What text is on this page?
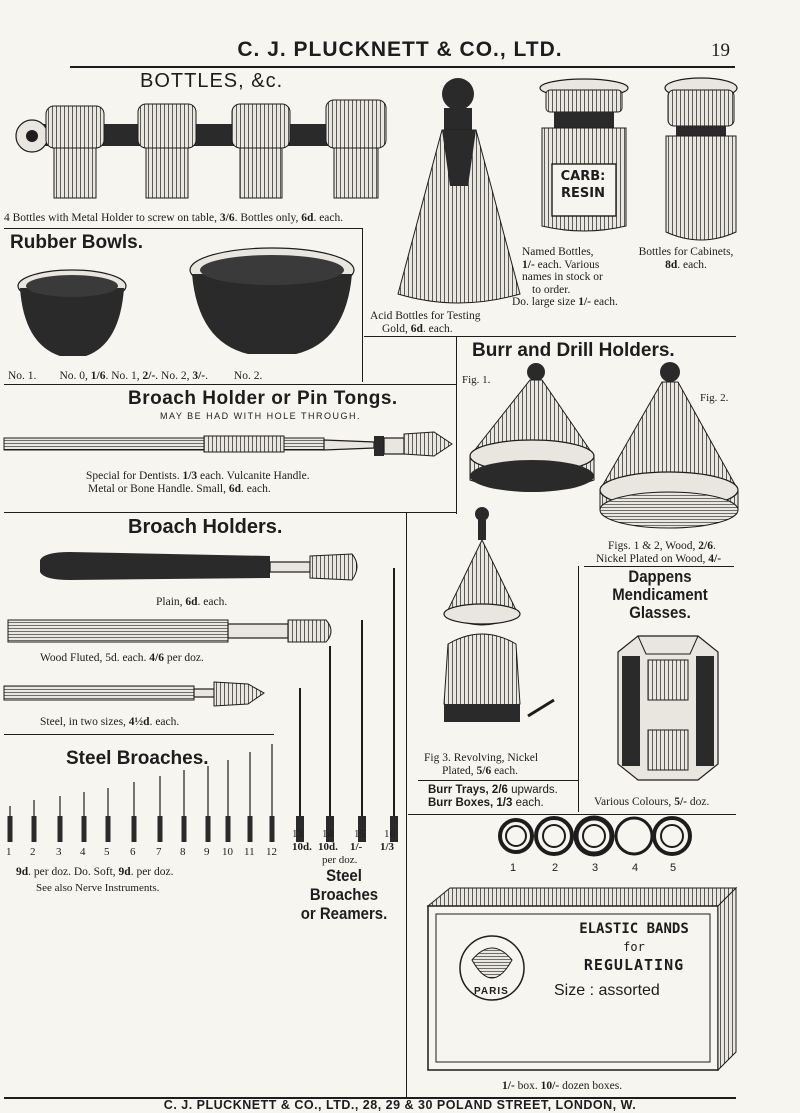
C. J. PLUCKNETT & CO., LTD.	19
BOTTLES, &c.
4 Bottles with Metal Holder to screw on table, 3/6. Bottles only, 6d. each.
Rubber Bowls.
No. 1. No. 0, 1/6. No. 1, 2/-. No. 2, 3/-. No. 2.
CARB:
RESIN
Named Bottles,
1/- each. Various
names in stock or
to order.
Do. large size 1/- each.
Bottles for Cabinets,
8d. each.
Acid Bottles for Testing
Gold, 6d. each.
Broach Holder or Pin Tongs.
MAY BE HAD WITH HOLE THROUGH.
Special for Dentists. 1/3 each. Vulcanite Handle.
Metal or Bone Handle. Small, 6d. each.
Broach Holders.
Plain, 6d. each.
Wood Fluted, 5d. each. 4/6 per doz.
Steel, in two sizes, 4½d. each.
Steel Broaches.
1 2 3 4 5 6 7 8 9 10 11 12
9d. per doz. Do. Soft, 9d. per doz.
See also Nerve Instruments.
13 14 15 16
10d. 10d. 1/- 1/3
per doz.
Steel Broaches
or Reamers.
Burr and Drill Holders.
Fig. 1.
Fig. 2.
Figs. 1 & 2, Wood, 2/6.
Nickel Plated on Wood, 4/-
Fig 3. Revolving, Nickel
Plated, 5/6 each.
Burr Trays, 2/6 upwards.
Burr Boxes, 1/3 each.
Dappens
Mendicament
Glasses.
Various Colours, 5/- doz.
1	2	3	4	5
ELASTIC BANDS
for
REGULATING
PARIS	Size : assorted
1/- box. 10/- dozen boxes.
C. J. PLUCKNETT & CO., LTD., 28, 29 & 30 POLAND STREET, LONDON, W.
